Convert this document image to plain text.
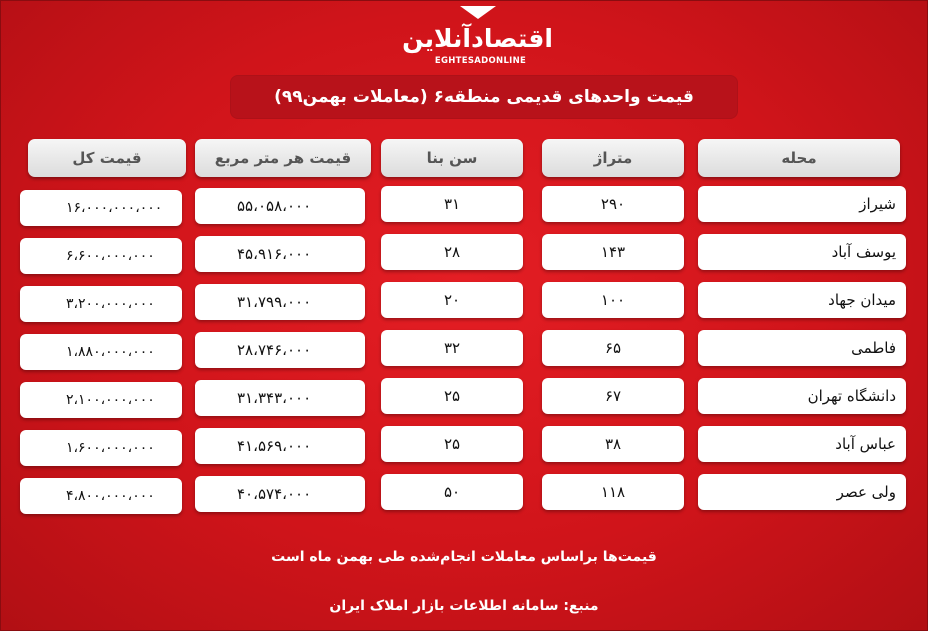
اقتصادآنلاین
EGHTESADONLINE
قیمت واحدهای قدیمی منطقه۶ (معاملات بهمن۹۹)
محله
متراژ
سن بنا
قیمت هر متر مربع
قیمت کل
شیراز
۲۹۰
۳۱
۵۵،۰۵۸،۰۰۰
۱۶،۰۰۰،۰۰۰،۰۰۰
یوسف آباد
۱۴۳
۲۸
۴۵،۹۱۶،۰۰۰
۶،۶۰۰،۰۰۰،۰۰۰
میدان جهاد
۱۰۰
۲۰
۳۱،۷۹۹،۰۰۰
۳،۲۰۰،۰۰۰،۰۰۰
فاطمی
۶۵
۳۲
۲۸،۷۴۶،۰۰۰
۱،۸۸۰،۰۰۰،۰۰۰
دانشگاه تهران
۶۷
۲۵
۳۱،۳۴۳،۰۰۰
۲،۱۰۰،۰۰۰،۰۰۰
عباس آباد
۳۸
۲۵
۴۱،۵۶۹،۰۰۰
۱،۶۰۰،۰۰۰،۰۰۰
ولی عصر
۱۱۸
۵۰
۴۰،۵۷۴،۰۰۰
۴،۸۰۰،۰۰۰،۰۰۰
قیمت‌ها براساس معاملات انجام‌شده طی بهمن ماه است
منبع: سامانه اطلاعات بازار املاک ایران
